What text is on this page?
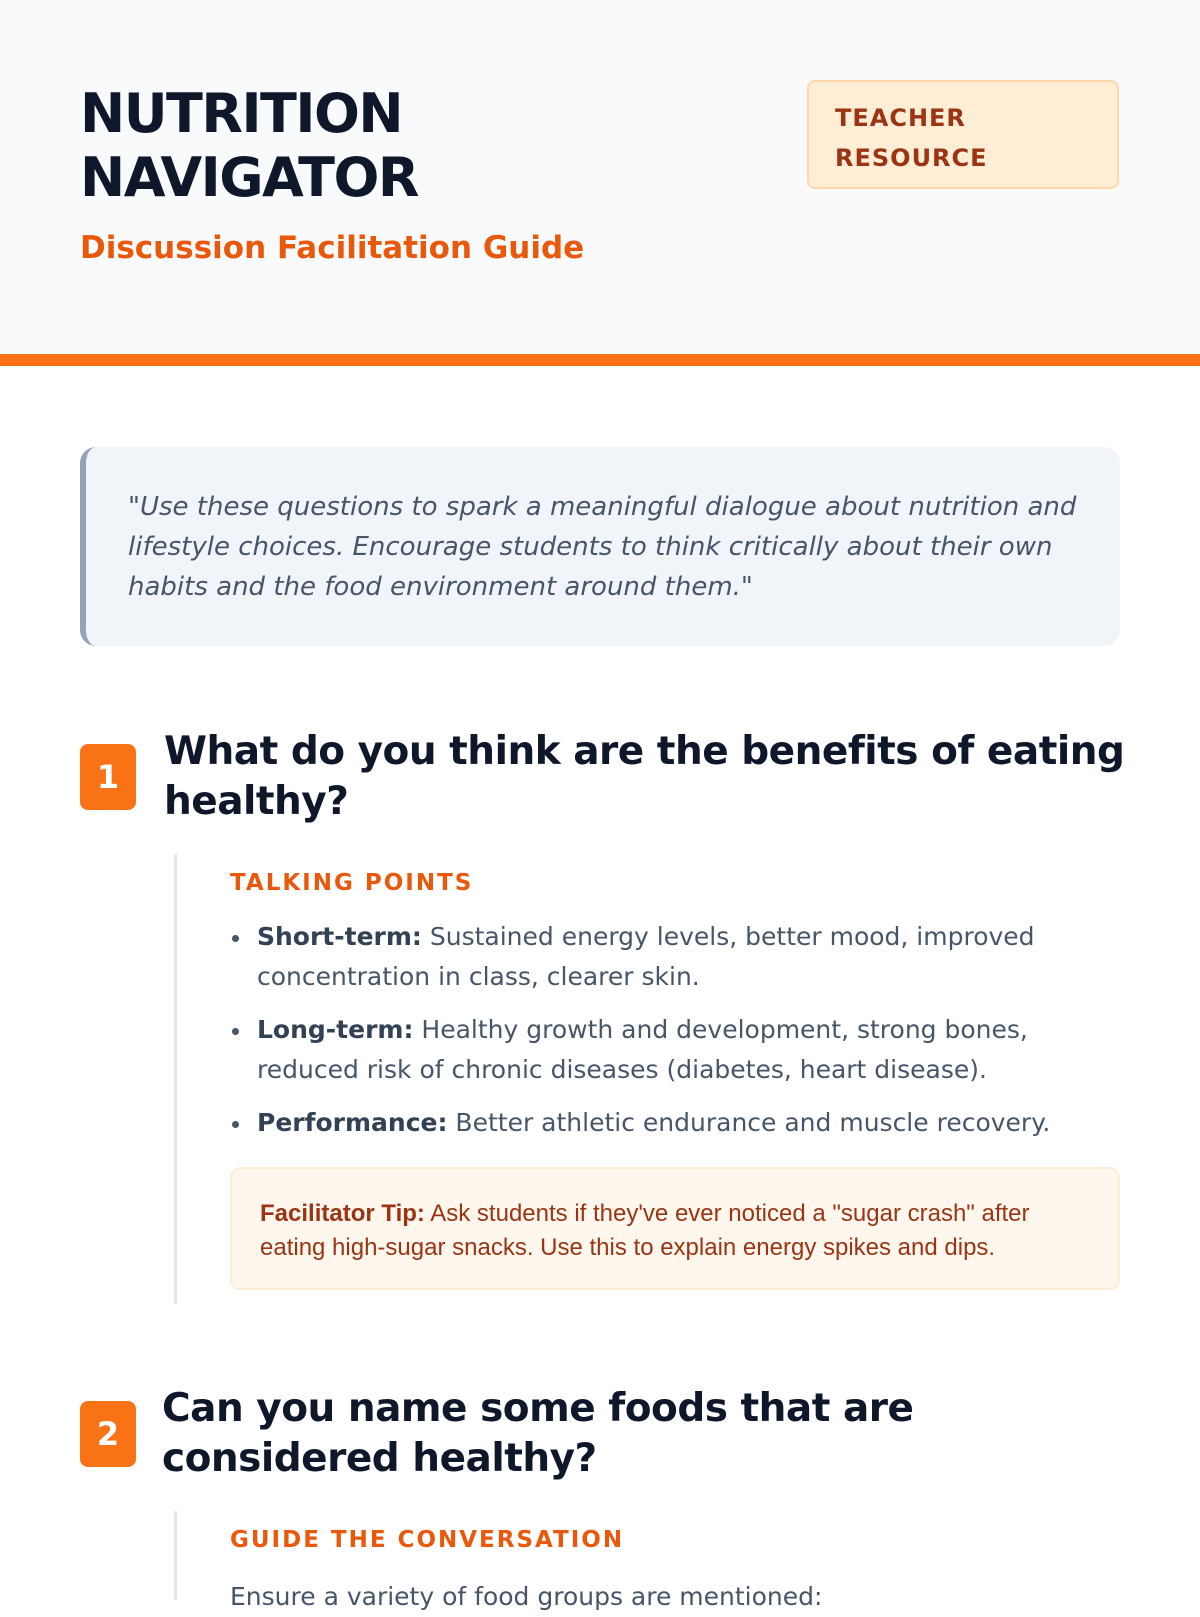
NUTRITION
NAVIGATOR

Discussion Facilitation Guide

TEACHER
RESOURCE
"Use these questions to spark a meaningful dialogue about nutrition and lifestyle choices. Encourage students to think critically about their own habits and the food environment around them."
1
What do you think are the benefits of eating
healthy?
TALKING POINTS
Short-term: Sustained energy levels, better mood, improved
concentration in class, clearer skin.
Long-term: Healthy growth and development, strong bones,
reduced risk of chronic diseases (diabetes, heart disease).
Performance: Better athletic endurance and muscle recovery.
Facilitator Tip: Ask students if they've ever noticed a "sugar crash" after
eating high-sugar snacks. Use this to explain energy spikes and dips.
2
Can you name some foods that are
considered healthy?
GUIDE THE CONVERSATION

Ensure a variety of food groups are mentioned:
